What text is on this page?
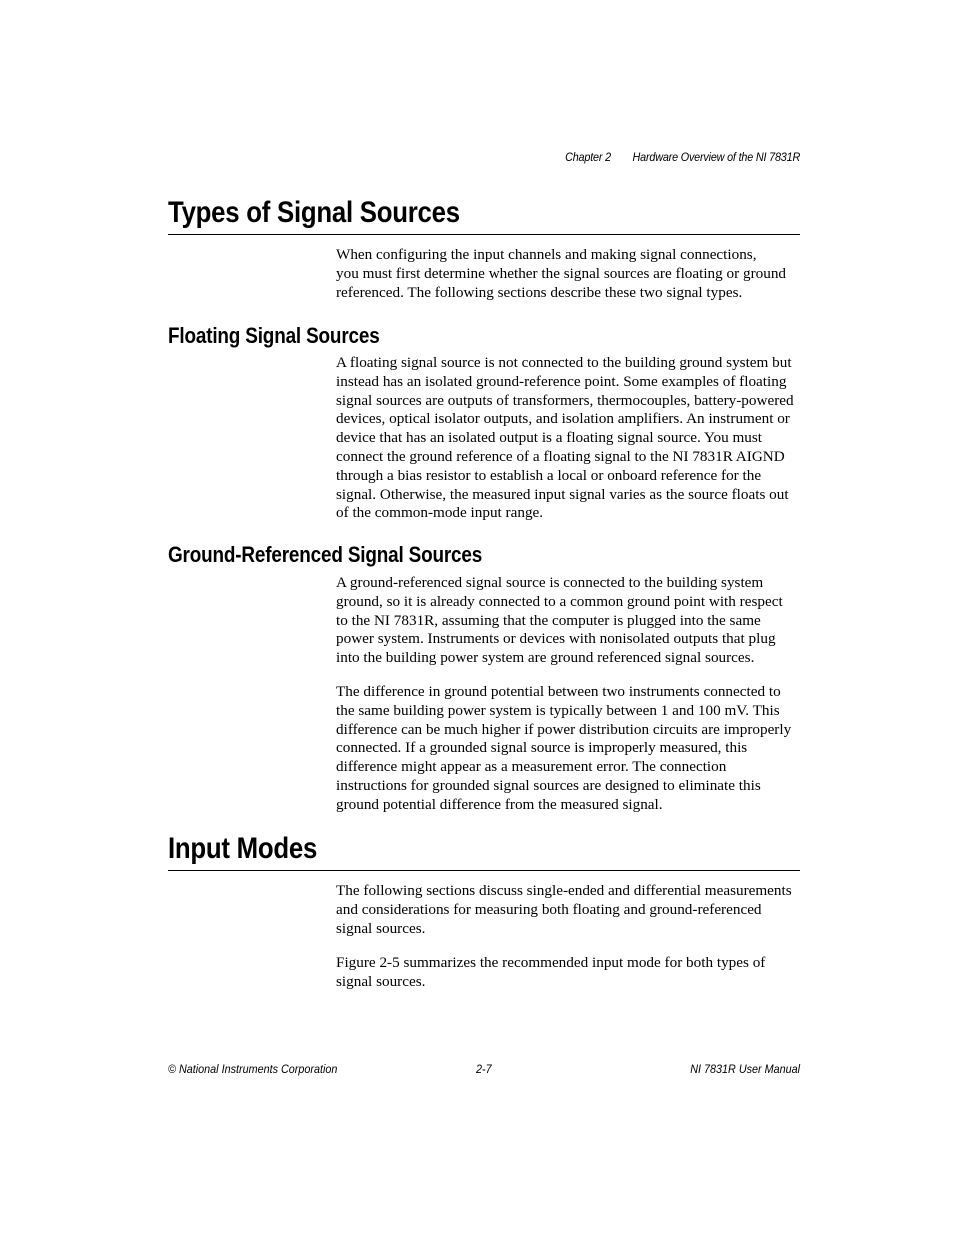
Chapter 2 Hardware Overview of the NI 7831R
Types of Signal Sources

When configuring the input channels and making signal connections,
you must first determine whether the signal sources are floating or ground
referenced. The following sections describe these two signal types.

Floating Signal Sources

A floating signal source is not connected to the building ground system but
instead has an isolated ground-reference point. Some examples of floating
signal sources are outputs of transformers, thermocouples, battery-powered
devices, optical isolator outputs, and isolation amplifiers. An instrument or
device that has an isolated output is a floating signal source. You must
connect the ground reference of a floating signal to the NI 7831R AIGND
through a bias resistor to establish a local or onboard reference for the
signal. Otherwise, the measured input signal varies as the source floats out
of the common-mode input range.

Ground-Referenced Signal Sources

A ground-referenced signal source is connected to the building system
ground, so it is already connected to a common ground point with respect
to the NI 7831R, assuming that the computer is plugged into the same
power system. Instruments or devices with nonisolated outputs that plug
into the building power system are ground referenced signal sources.

The difference in ground potential between two instruments connected to
the same building power system is typically between 1 and 100 mV. This
difference can be much higher if power distribution circuits are improperly
connected. If a grounded signal source is improperly measured, this
difference might appear as a measurement error. The connection
instructions for grounded signal sources are designed to eliminate this
ground potential difference from the measured signal.

Input Modes

The following sections discuss single-ended and differential measurements
and considerations for measuring both floating and ground-referenced
signal sources.

Figure 2-5 summarizes the recommended input mode for both types of
signal sources.

© National Instruments Corporation	2-7	NI 7831R User Manual
